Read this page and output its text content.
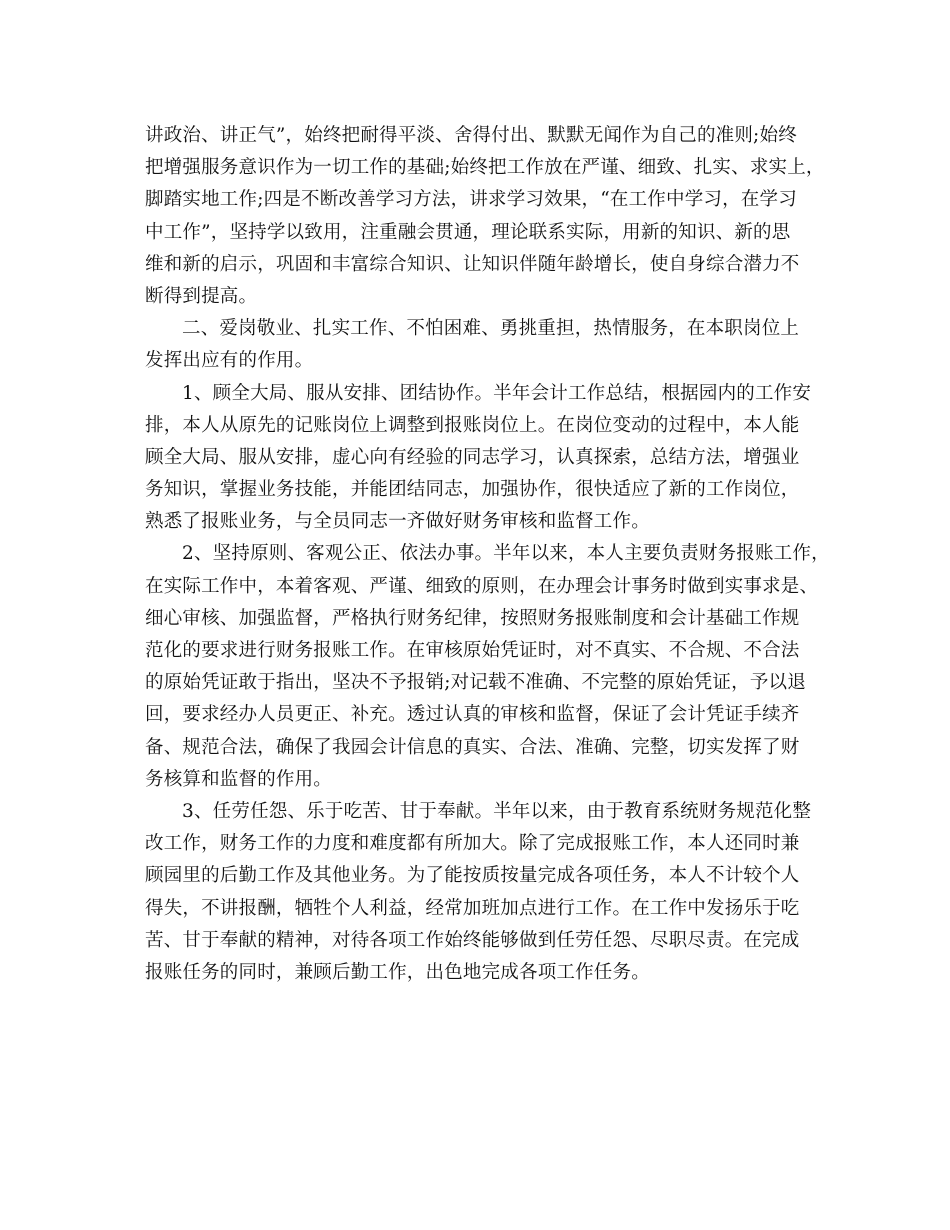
讲政治、讲正气”，始终把耐得平淡、舍得付出、默默无闻作为自己的准则;始终
把增强服务意识作为一切工作的基础;始终把工作放在严谨、细致、扎实、求实上，
脚踏实地工作;四是不断改善学习方法，讲求学习效果，“在工作中学习，在学习
中工作”，坚持学以致用，注重融会贯通，理论联系实际，用新的知识、新的思
维和新的启示，巩固和丰富综合知识、让知识伴随年龄增长，使自身综合潜力不
断得到提高。
二、爱岗敬业、扎实工作、不怕困难、勇挑重担，热情服务，在本职岗位上
发挥出应有的作用。
1、顾全大局、服从安排、团结协作。半年会计工作总结，根据园内的工作安
排，本人从原先的记账岗位上调整到报账岗位上。在岗位变动的过程中，本人能
顾全大局、服从安排，虚心向有经验的同志学习，认真探索，总结方法，增强业
务知识，掌握业务技能，并能团结同志，加强协作，很快适应了新的工作岗位，
熟悉了报账业务，与全员同志一齐做好财务审核和监督工作。
2、坚持原则、客观公正、依法办事。半年以来，本人主要负责财务报账工作，
在实际工作中，本着客观、严谨、细致的原则，在办理会计事务时做到实事求是、
细心审核、加强监督，严格执行财务纪律，按照财务报账制度和会计基础工作规
范化的要求进行财务报账工作。在审核原始凭证时，对不真实、不合规、不合法
的原始凭证敢于指出，坚决不予报销;对记载不准确、不完整的原始凭证，予以退
回，要求经办人员更正、补充。透过认真的审核和监督，保证了会计凭证手续齐
备、规范合法，确保了我园会计信息的真实、合法、准确、完整，切实发挥了财
务核算和监督的作用。
3、任劳任怨、乐于吃苦、甘于奉献。半年以来，由于教育系统财务规范化整
改工作，财务工作的力度和难度都有所加大。除了完成报账工作，本人还同时兼
顾园里的后勤工作及其他业务。为了能按质按量完成各项任务，本人不计较个人
得失，不讲报酬，牺牲个人利益，经常加班加点进行工作。在工作中发扬乐于吃
苦、甘于奉献的精神，对待各项工作始终能够做到任劳任怨、尽职尽责。在完成
报账任务的同时，兼顾后勤工作，出色地完成各项工作任务。
